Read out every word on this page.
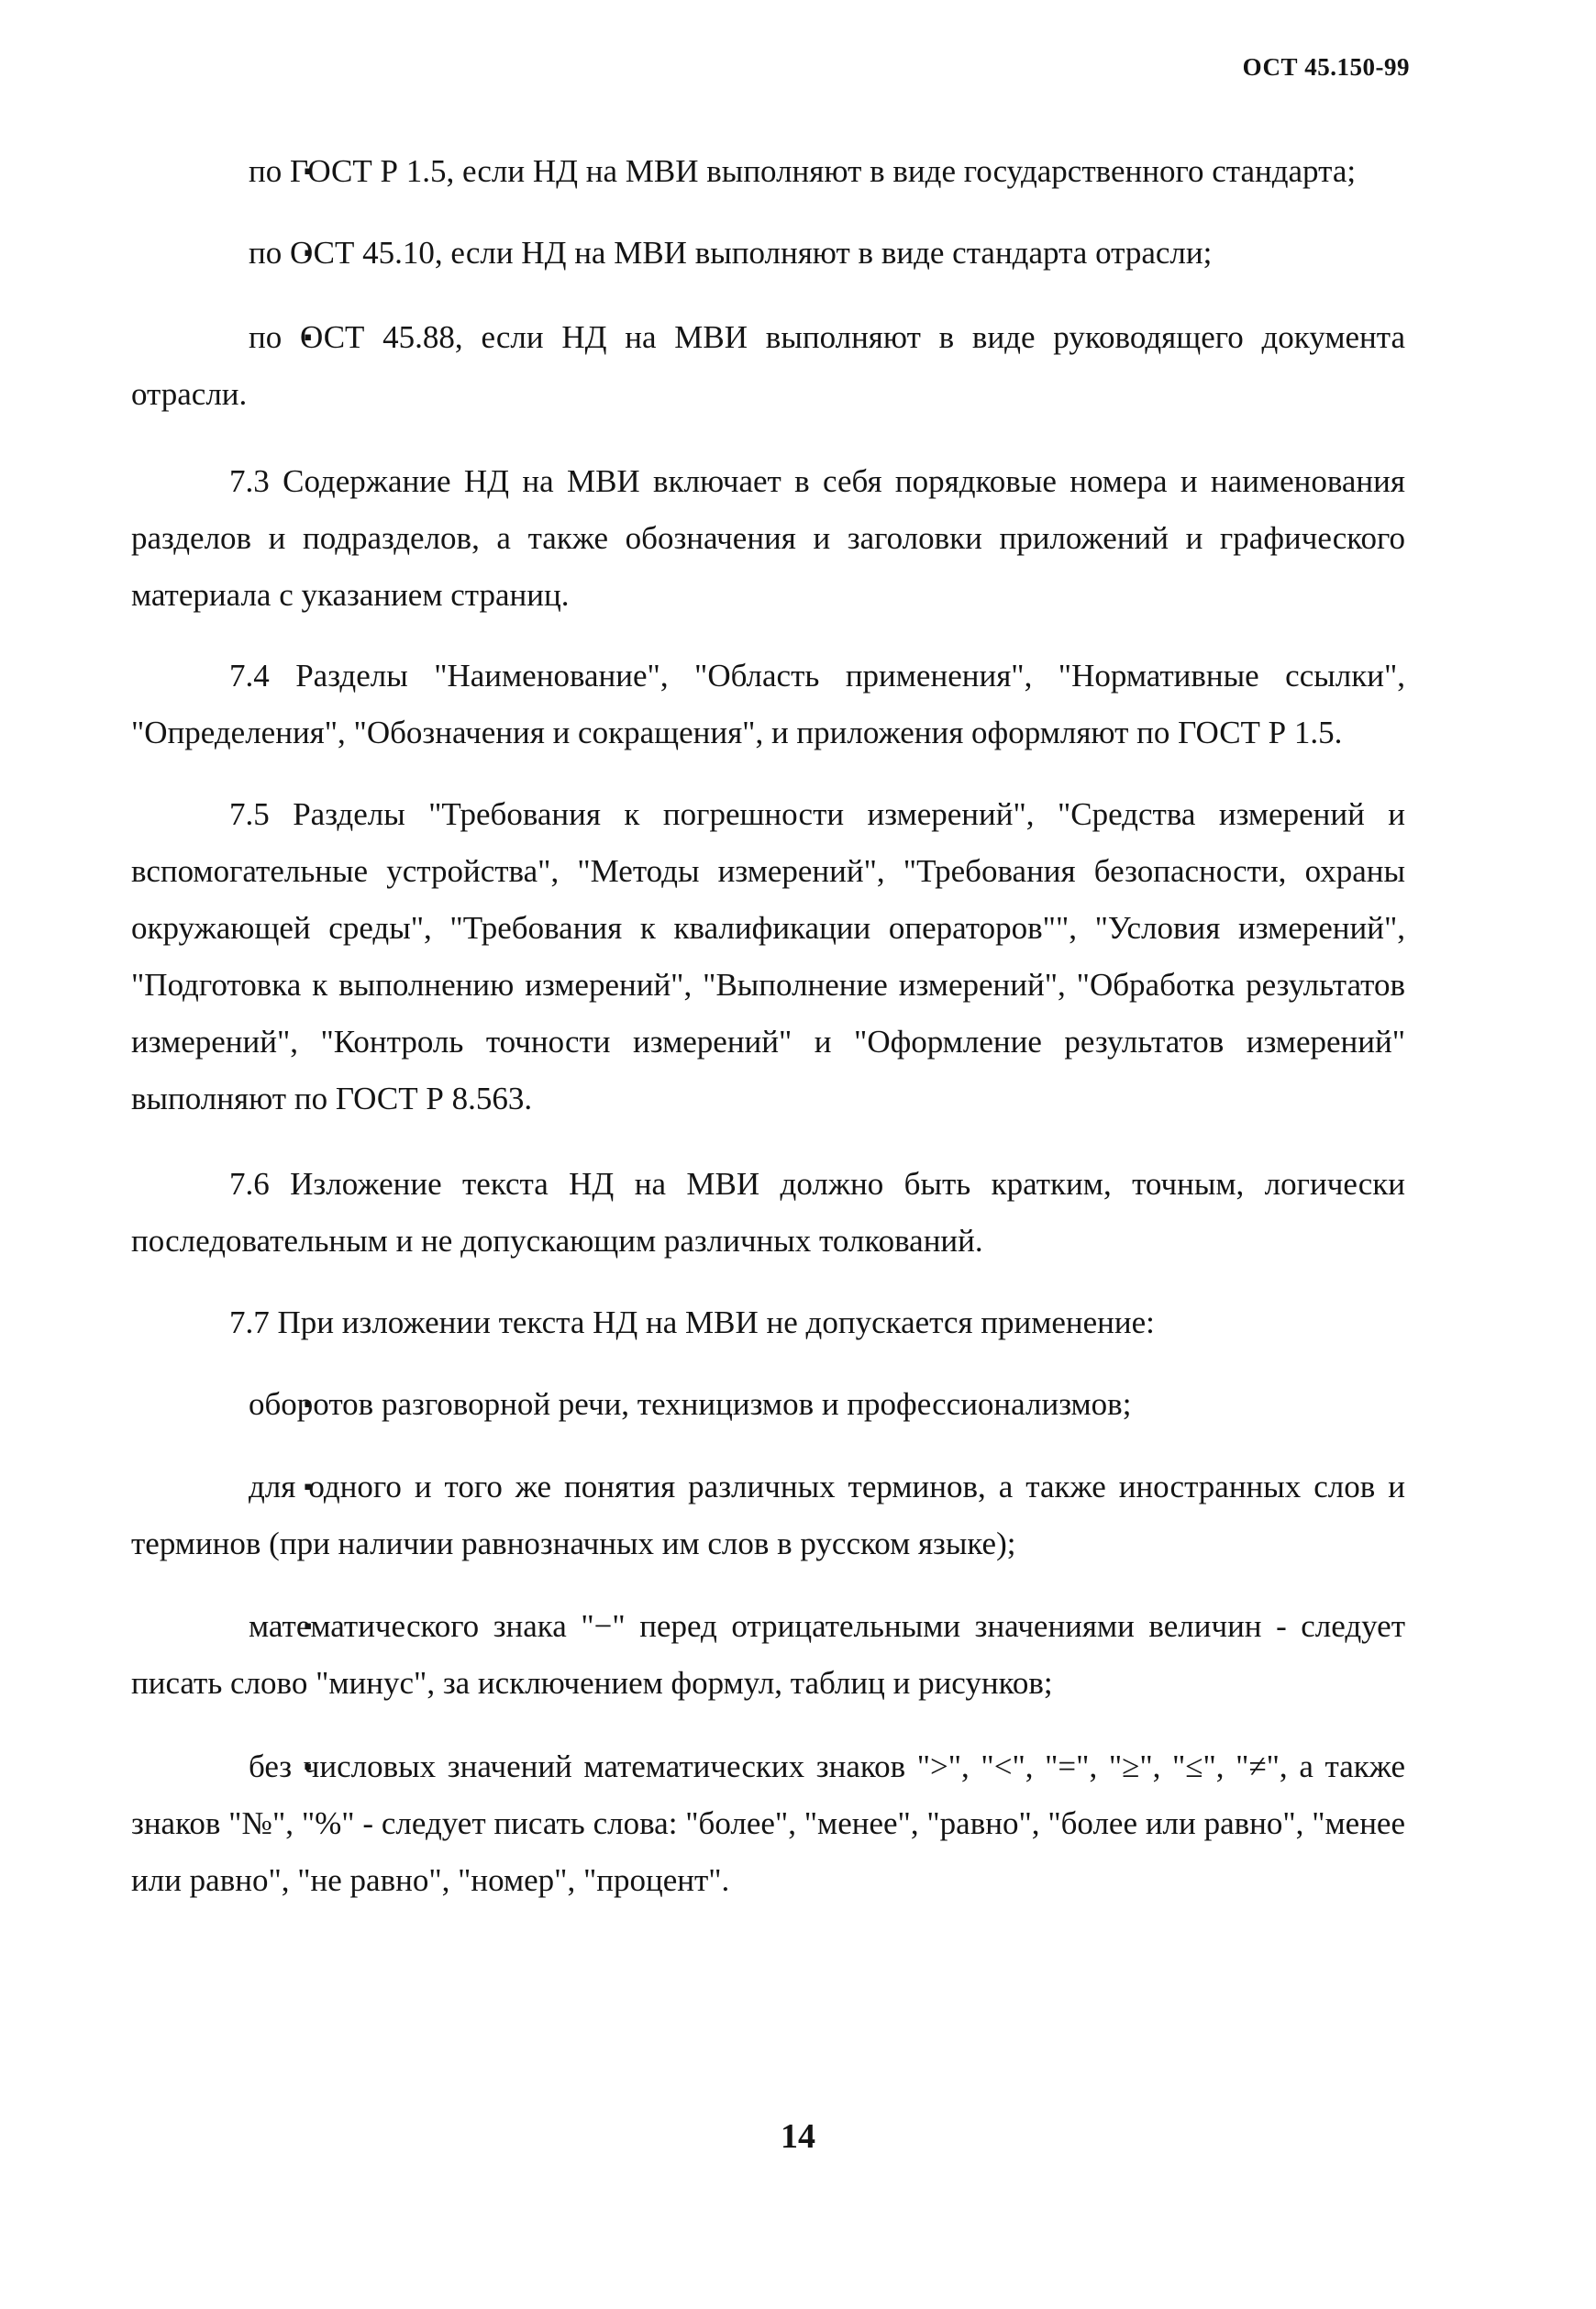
ОСТ 45.150-99
▪ по ГОСТ Р 1.5, если НД на МВИ выполняют в виде государственного стандарта;
▪ по ОСТ 45.10, если НД на МВИ выполняют в виде стандарта отрасли;
▪ по ОСТ 45.88, если НД на МВИ выполняют в виде руководящего документа отрасли.
7.3 Содержание НД на МВИ включает в себя порядковые номера и наименования разделов и подразделов, а также обозначения и заголовки приложений и графического материала с указанием страниц.
7.4 Разделы "Наименование", "Область применения", "Нормативные ссылки", "Определения", "Обозначения и сокращения", и приложения оформляют по ГОСТ Р 1.5.
7.5 Разделы "Требования к погрешности измерений", "Средства измерений и вспомогательные устройства", "Методы измерений", "Требования безопасности, охраны окружающей среды", "Требования к квалификации операторов"", "Условия измерений", "Подготовка к выполнению измерений", "Выполнение измерений", "Обработка результатов измерений", "Контроль точности измерений" и "Оформление результатов измерений" выполняют по ГОСТ Р 8.563.
7.6 Изложение текста НД на МВИ должно быть кратким, точным, логически последовательным и не допускающим различных толкований.
7.7 При изложении текста НД на МВИ не допускается применение:
▪ оборотов разговорной речи, техницизмов и профессионализмов;
▪ для одного и того же понятия различных терминов, а также иностранных слов и терминов (при наличии равнозначных им слов в русском языке);
▪ математического знака "−" перед отрицательными значениями величин - следует писать слово "минус", за исключением формул, таблиц и рисунков;
▪ без числовых значений математических знаков ">", "<", "=", "≥", "≤", "≠", а также знаков "№", "%" - следует писать слова: "более", "менее", "равно", "более или равно", "менее или равно", "не равно", "номер", "процент".
14
